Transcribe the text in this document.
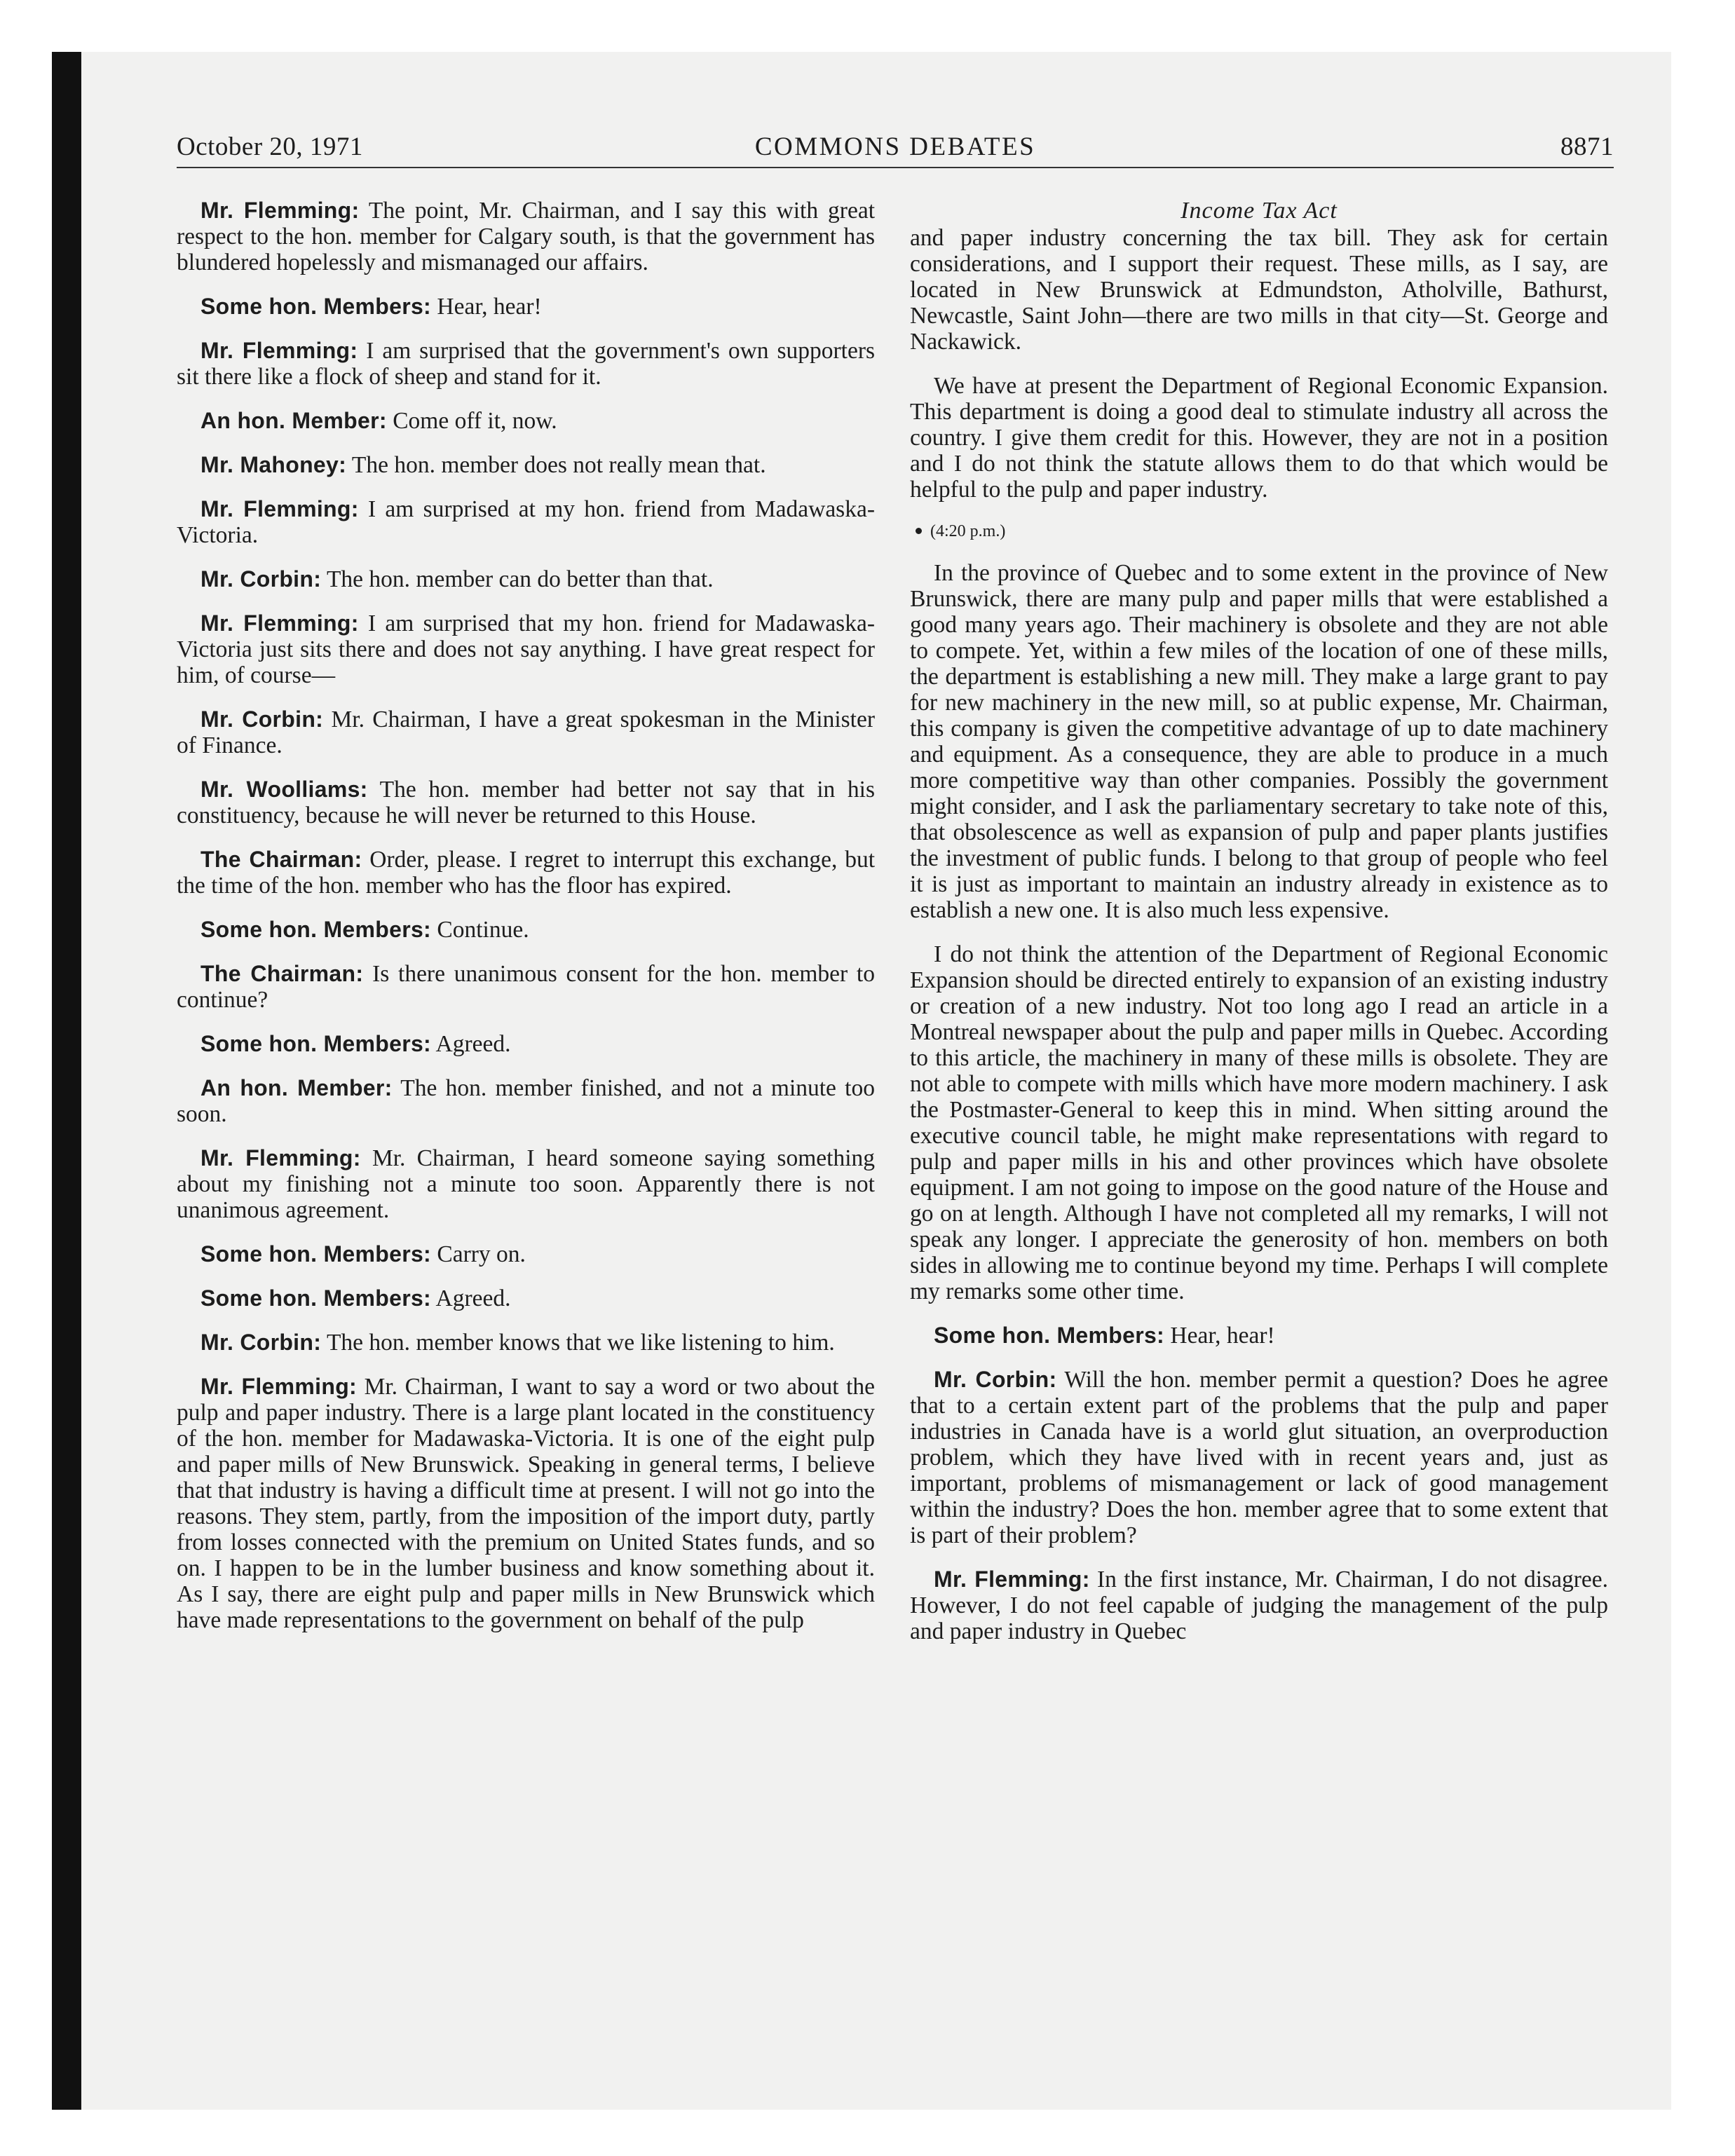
October 20, 1971	COMMONS DEBATES	8871

Mr. Flemming: The point, Mr. Chairman, and I say this with great respect to the hon. member for Calgary south, is that the government has blundered hopelessly and mismanaged our affairs.

Some hon. Members: Hear, hear!

Mr. Flemming: I am surprised that the government's own supporters sit there like a flock of sheep and stand for it.

An hon. Member: Come off it, now.

Mr. Mahoney: The hon. member does not really mean that.

Mr. Flemming: I am surprised at my hon. friend from Madawaska-Victoria.

Mr. Corbin: The hon. member can do better than that.

Mr. Flemming: I am surprised that my hon. friend for Madawaska-Victoria just sits there and does not say anything. I have great respect for him, of course—

Mr. Corbin: Mr. Chairman, I have a great spokesman in the Minister of Finance.

Mr. Woolliams: The hon. member had better not say that in his constituency, because he will never be returned to this House.

The Chairman: Order, please. I regret to interrupt this exchange, but the time of the hon. member who has the floor has expired.

Some hon. Members: Continue.

The Chairman: Is there unanimous consent for the hon. member to continue?

Some hon. Members: Agreed.

An hon. Member: The hon. member finished, and not a minute too soon.

Mr. Flemming: Mr. Chairman, I heard someone saying something about my finishing not a minute too soon. Apparently there is not unanimous agreement.

Some hon. Members: Carry on.

Some hon. Members: Agreed.

Mr. Corbin: The hon. member knows that we like listening to him.

Mr. Flemming: Mr. Chairman, I want to say a word or two about the pulp and paper industry. There is a large plant located in the constituency of the hon. member for Madawaska-Victoria. It is one of the eight pulp and paper mills of New Brunswick. Speaking in general terms, I believe that that industry is having a difficult time at present. I will not go into the reasons. They stem, partly, from the imposition of the import duty, partly from losses connected with the premium on United States funds, and so on. I happen to be in the lumber business and know something about it. As I say, there are eight pulp and paper mills in New Brunswick which have made representations to the government on behalf of the pulp

Income Tax Act

and paper industry concerning the tax bill. They ask for certain considerations, and I support their request. These mills, as I say, are located in New Brunswick at Edmundston, Atholville, Bathurst, Newcastle, Saint John—there are two mills in that city—St. George and Nackawick.

We have at present the Department of Regional Economic Expansion. This department is doing a good deal to stimulate industry all across the country. I give them credit for this. However, they are not in a position and I do not think the statute allows them to do that which would be helpful to the pulp and paper industry.

(4:20 p.m.)

In the province of Quebec and to some extent in the province of New Brunswick, there are many pulp and paper mills that were established a good many years ago. Their machinery is obsolete and they are not able to compete. Yet, within a few miles of the location of one of these mills, the department is establishing a new mill. They make a large grant to pay for new machinery in the new mill, so at public expense, Mr. Chairman, this company is given the competitive advantage of up to date machinery and equipment. As a consequence, they are able to produce in a much more competitive way than other companies. Possibly the government might consider, and I ask the parliamentary secretary to take note of this, that obsolescence as well as expansion of pulp and paper plants justifies the investment of public funds. I belong to that group of people who feel it is just as important to maintain an industry already in existence as to establish a new one. It is also much less expensive.

I do not think the attention of the Department of Regional Economic Expansion should be directed entirely to expansion of an existing industry or creation of a new industry. Not too long ago I read an article in a Montreal newspaper about the pulp and paper mills in Quebec. According to this article, the machinery in many of these mills is obsolete. They are not able to compete with mills which have more modern machinery. I ask the Postmaster-General to keep this in mind. When sitting around the executive council table, he might make representations with regard to pulp and paper mills in his and other provinces which have obsolete equipment. I am not going to impose on the good nature of the House and go on at length. Although I have not completed all my remarks, I will not speak any longer. I appreciate the generosity of hon. members on both sides in allowing me to continue beyond my time. Perhaps I will complete my remarks some other time.

Some hon. Members: Hear, hear!

Mr. Corbin: Will the hon. member permit a question? Does he agree that to a certain extent part of the problems that the pulp and paper industries in Canada have is a world glut situation, an overproduction problem, which they have lived with in recent years and, just as important, problems of mismanagement or lack of good management within the industry? Does the hon. member agree that to some extent that is part of their problem?

Mr. Flemming: In the first instance, Mr. Chairman, I do not disagree. However, I do not feel capable of judging the management of the pulp and paper industry in Quebec
